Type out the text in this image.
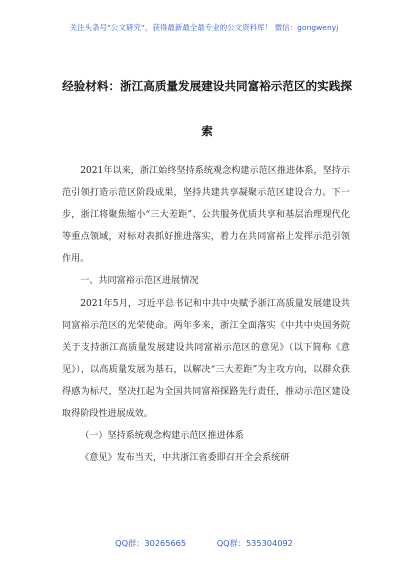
关注头条号“公文研究”，获得最新最全最专业的公文资料库！ 微信：gongwenyj
经验材料：浙江高质量发展建设共同富裕示范区的实践探
索

2021年以来，浙江始终坚持系统观念构建示范区推进体系，坚持示范引领打造示范区阶段成果，坚持共建共享凝聚示范区建设合力。下一步，浙江将聚焦缩小“三大差距”、公共服务优质共享和基层治理现代化等重点领域，对标对表抓好推进落实，着力在共同富裕上发挥示范引领作用。

一、共同富裕示范区进展情况

2021年5月，习近平总书记和中共中央赋予浙江高质量发展建设共同富裕示范区的光荣使命。两年多来，浙江全面落实《中共中央国务院关于支持浙江高质量发展建设共同富裕示范区的意见》（以下简称《意见》），以高质量发展为基石，以解决“三大差距”为主攻方向，以群众获得感为标尺，坚决扛起为全国共同富裕探路先行责任，推动示范区建设取得阶段性进展成效。

（一）坚持系统观念构建示范区推进体系

《意见》发布当天，中共浙江省委即召开全会系统研

QQ群：30265665	QQ群：535304092
